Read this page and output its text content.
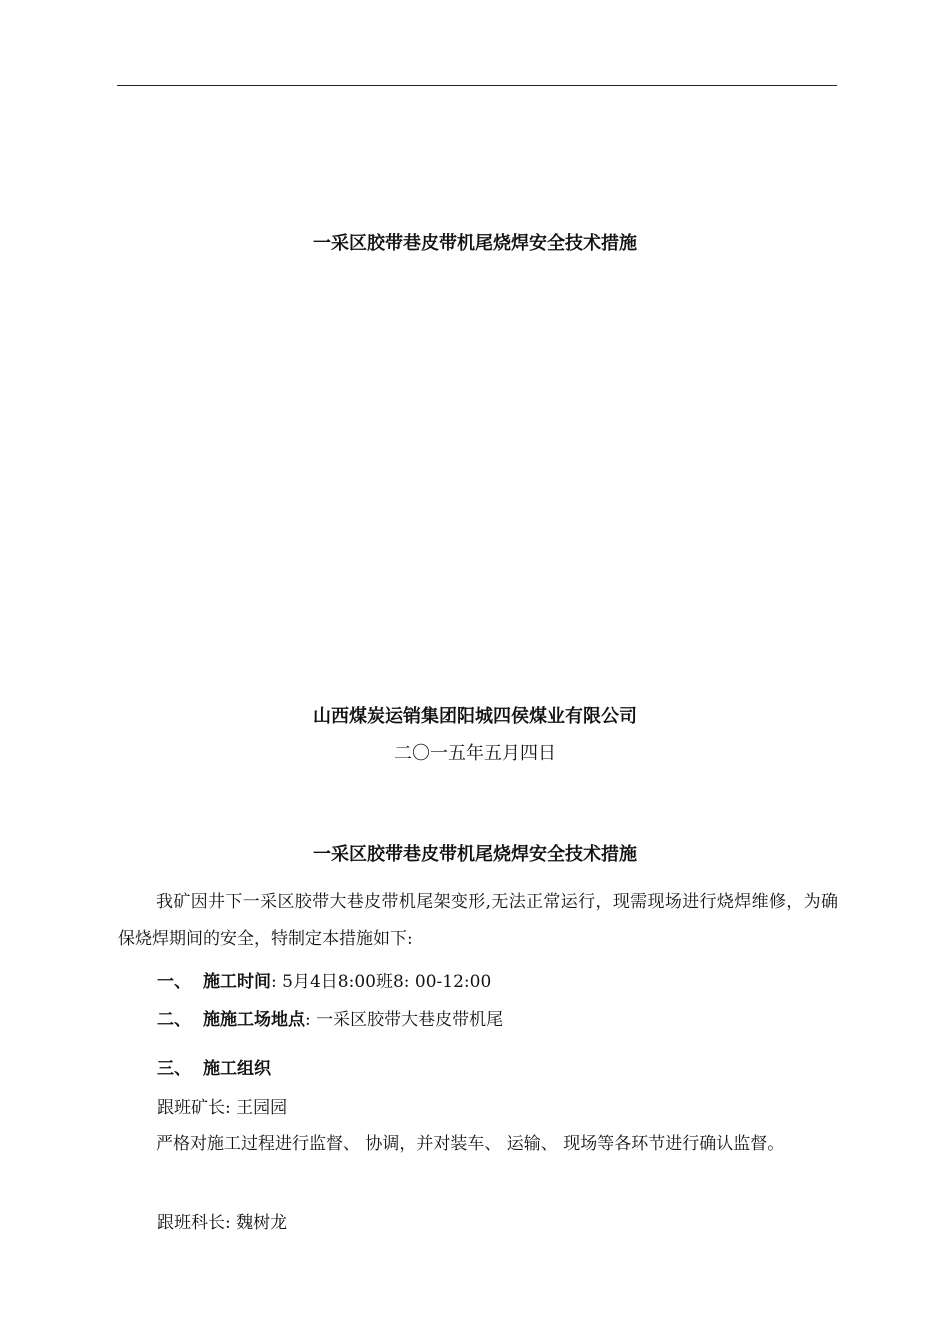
一采区胶带巷皮带机尾烧焊安全技术措施
山西煤炭运销集团阳城四侯煤业有限公司
二〇一五年五月四日
一采区胶带巷皮带机尾烧焊安全技术措施
我矿因井下一采区胶带大巷皮带机尾架变形,无法正常运行，现需现场进行烧焊维修，为确保烧焊期间的安全，特制定本措施如下:
一、 施工时间: 5月4日8:00班8: 00-12:00
二、 施施工场地点: 一采区胶带大巷皮带机尾
三、 施工组织
跟班矿长: 王园园
严格对施工过程进行监督、 协调，并对装车、 运输、 现场等各环节进行确认监督。
跟班科长: 魏树龙
